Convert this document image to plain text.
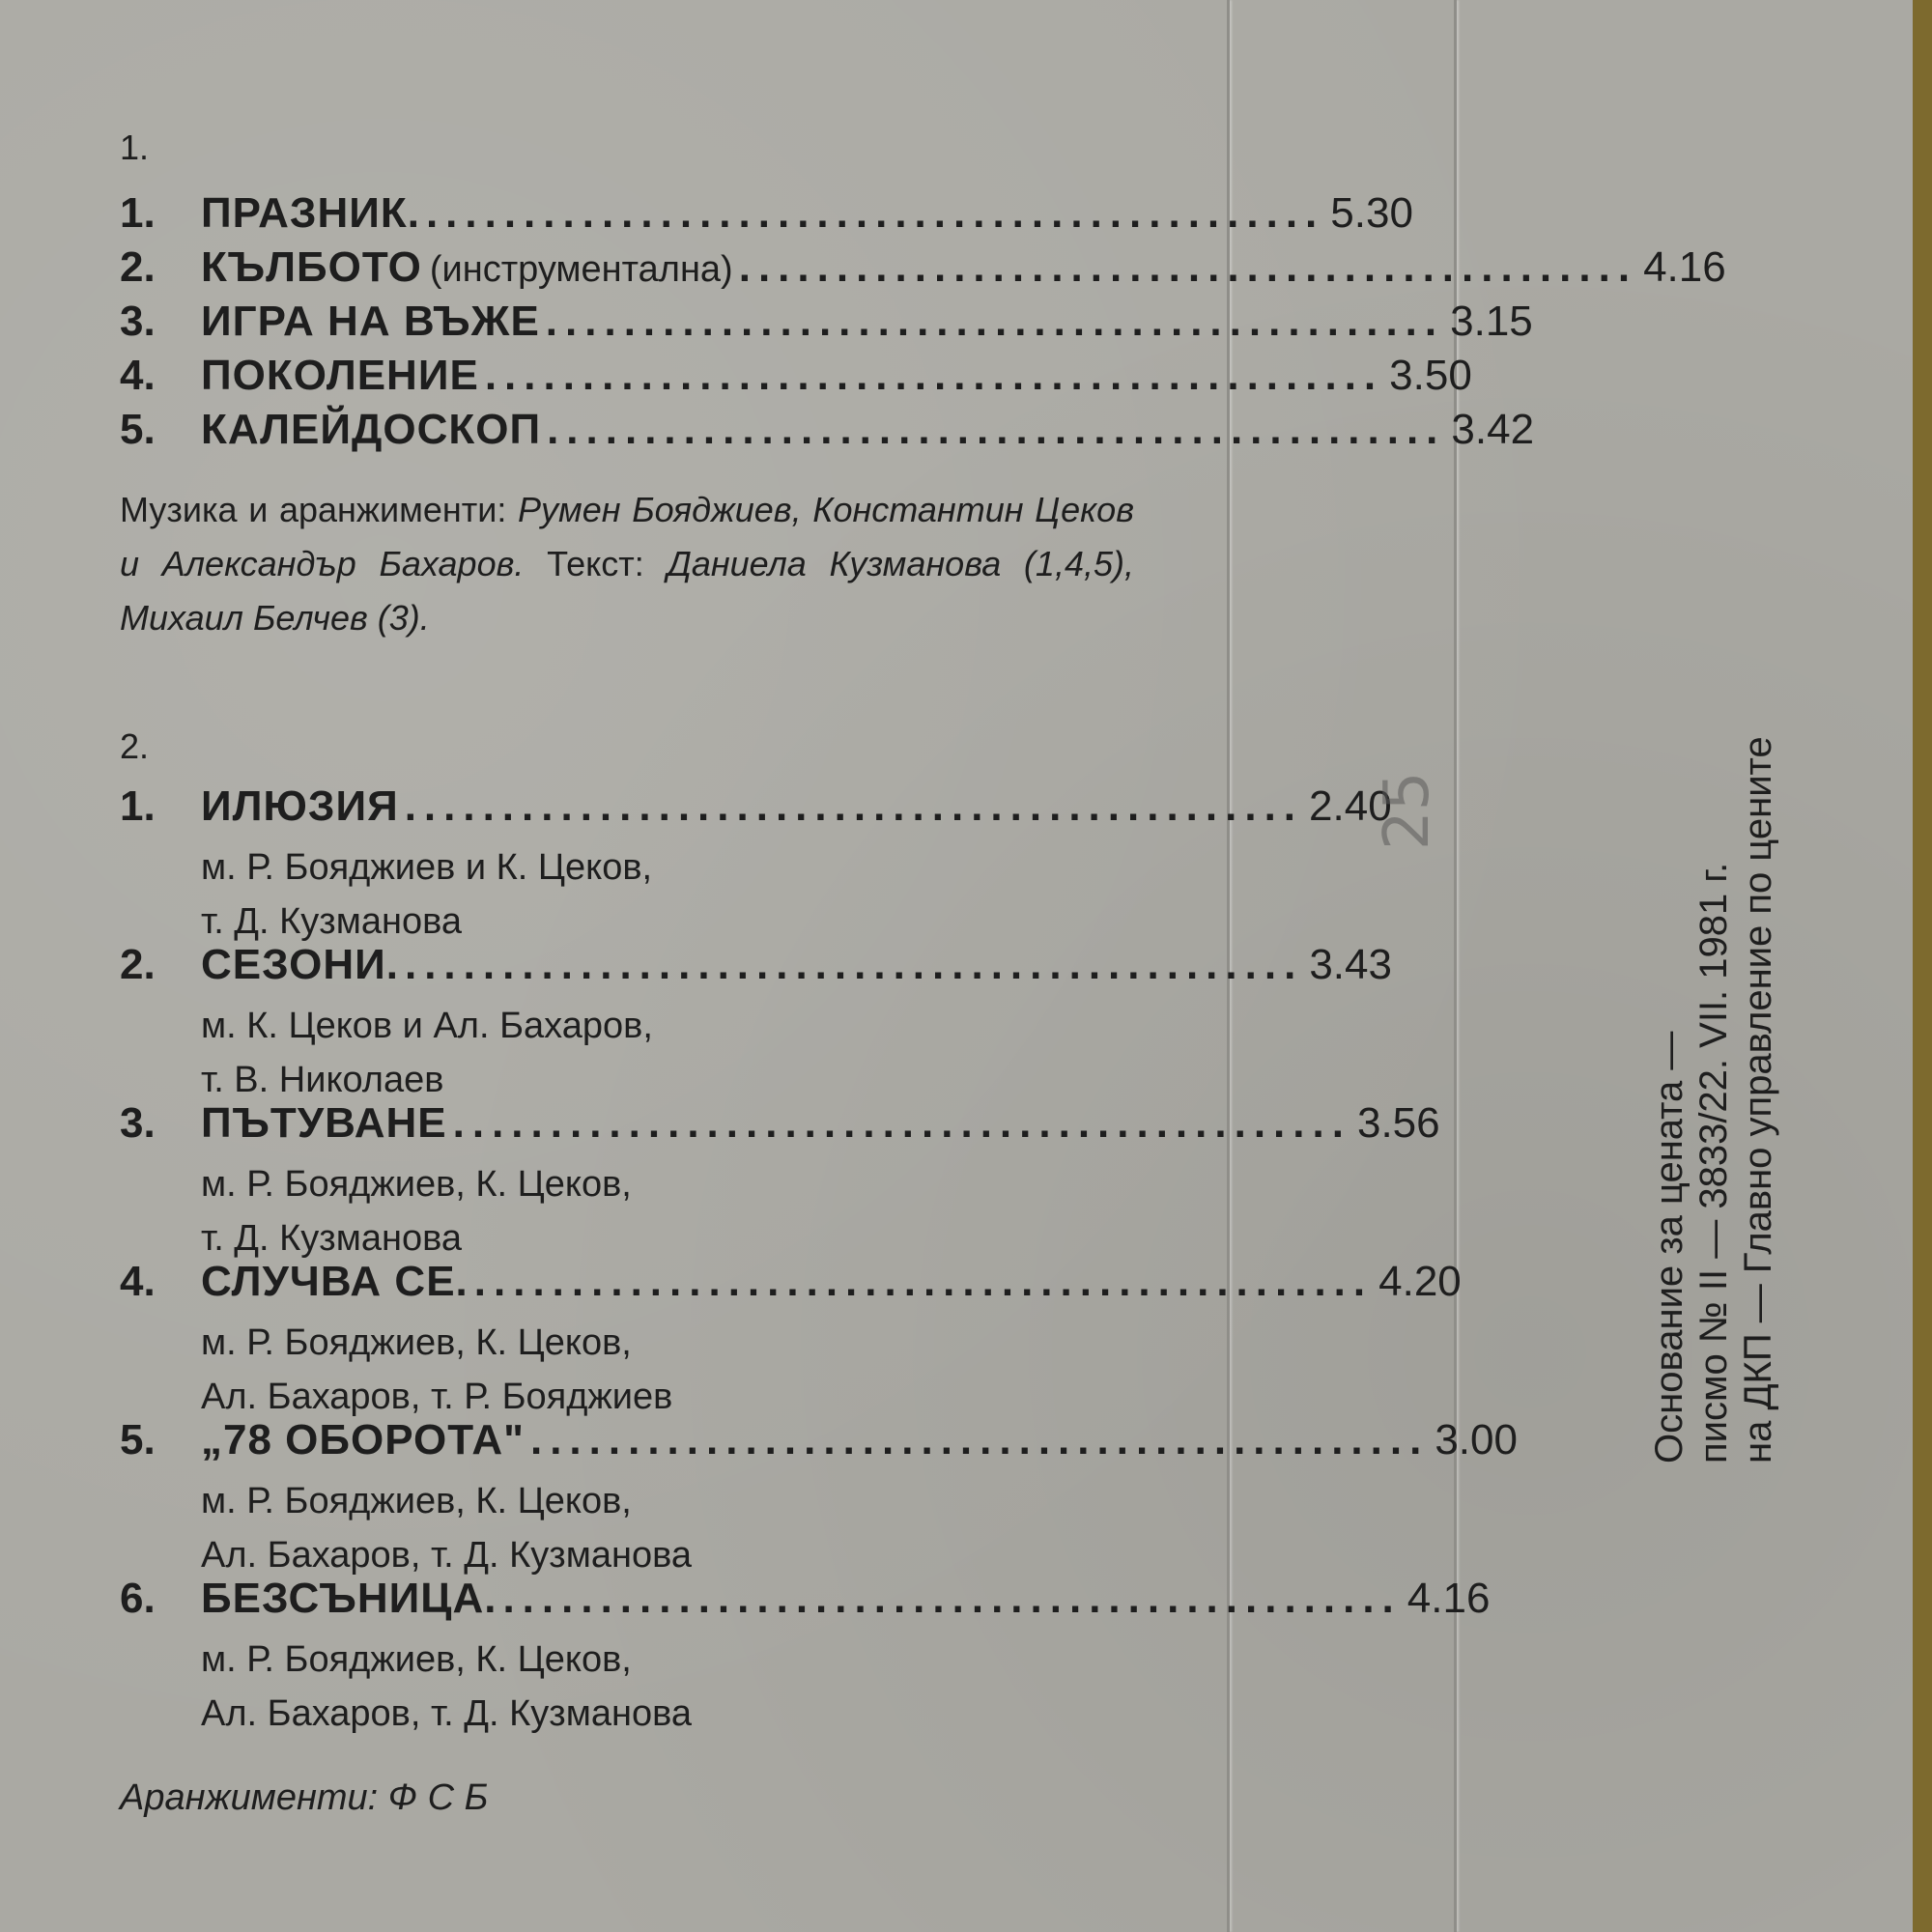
1.
1.	ПРАЗНИК. .............................................. 5.30
2.	КЪЛБОТО (инструментална) .............................................. 4.16
3.	ИГРА НА ВЪЖЕ .............................................. 3.15
4.	ПОКОЛЕНИЕ .............................................. 3.50
5.	КАЛЕЙДОСКОП .............................................. 3.42
Музика и аранжименти: Румен Бояджиев, Константин Цеков и Александър Бахаров. Текст: Даниела Кузманова (1,4,5), Михаил Белчев (3).
2.
1.	ИЛЮЗИЯ .............................................. 2.40
м. Р. Бояджиев и К. Цеков,
т. Д. Кузманова
2.	СЕЗОНИ. .............................................. 3.43
м. К. Цеков и Ал. Бахаров,
т. В. Николаев
3.	ПЪТУВАНЕ .............................................. 3.56
м. Р. Бояджиев, К. Цеков,
т. Д. Кузманова
4.	СЛУЧВА СЕ. .............................................. 4.20
м. Р. Бояджиев, К. Цеков,
Ал. Бахаров, т. Р. Бояджиев
5.	„78 ОБОРОТА" .............................................. 3.00
м. Р. Бояджиев, К. Цеков,
Ал. Бахаров, т. Д. Кузманова
6.	БЕЗСЪНИЦА. .............................................. 4.16
м. Р. Бояджиев, К. Цеков,
Ал. Бахаров, т. Д. Кузманова
Аранжименти: Ф С Б
25
Основание за цената — писмо № II — 3833/22. VII. 1981 г. на ДКП — Главно управление по цените
